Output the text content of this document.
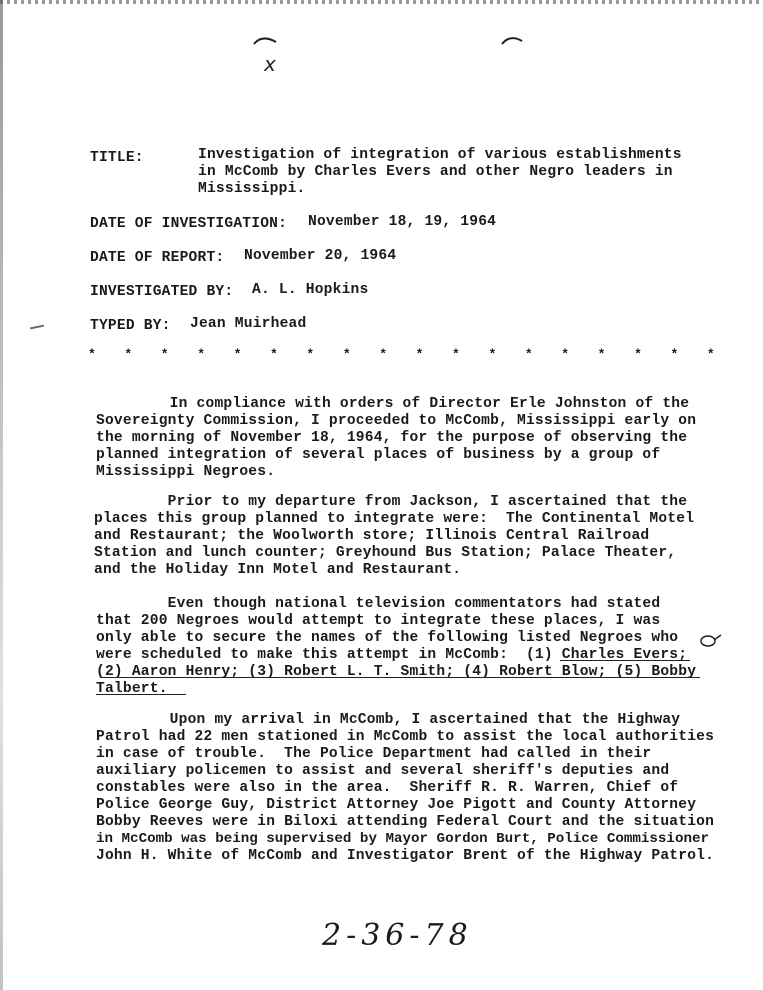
x
TITLE:	Investigation of integration of various establishments
in McComb by Charles Evers and other Negro leaders in
Mississippi.
DATE OF INVESTIGATION: November 18, 19, 1964
DATE OF REPORT: November 20, 1964
INVESTIGATED BY: A. L. Hopkins
TYPED BY: Jean Muirhead
*   *   *   *   *   *   *   *   *   *   *   *   *   *   *   *   *   *
In compliance with orders of Director Erle Johnston of the
Sovereignty Commission, I proceeded to McComb, Mississippi early on
the morning of November 18, 1964, for the purpose of observing the
planned integration of several places of business by a group of
Mississippi Negroes.
Prior to my departure from Jackson, I ascertained that the
places this group planned to integrate were:  The Continental Motel
and Restaurant; the Woolworth store; Illinois Central Railroad
Station and lunch counter; Greyhound Bus Station; Palace Theater,
and the Holiday Inn Motel and Restaurant.
Even though national television commentators had stated
that 200 Negroes would attempt to integrate these places, I was
only able to secure the names of the following listed Negroes who
were scheduled to make this attempt in McComb:  (1) Charles Evers;
(2) Aaron Henry; (3) Robert L. T. Smith; (4) Robert Blow; (5) Bobby
Talbert.
Upon my arrival in McComb, I ascertained that the Highway
Patrol had 22 men stationed in McComb to assist the local authorities
in case of trouble.  The Police Department had called in their
auxiliary policemen to assist and several sheriff's deputies and
constables were also in the area.  Sheriff R. R. Warren, Chief of
Police George Guy, District Attorney Joe Pigott and County Attorney
Bobby Reeves were in Biloxi attending Federal Court and the situation
in McComb was being supervised by Mayor Gordon Burt, Police Commissioner
John H. White of McComb and Investigator Brent of the Highway Patrol.
2-36-78
